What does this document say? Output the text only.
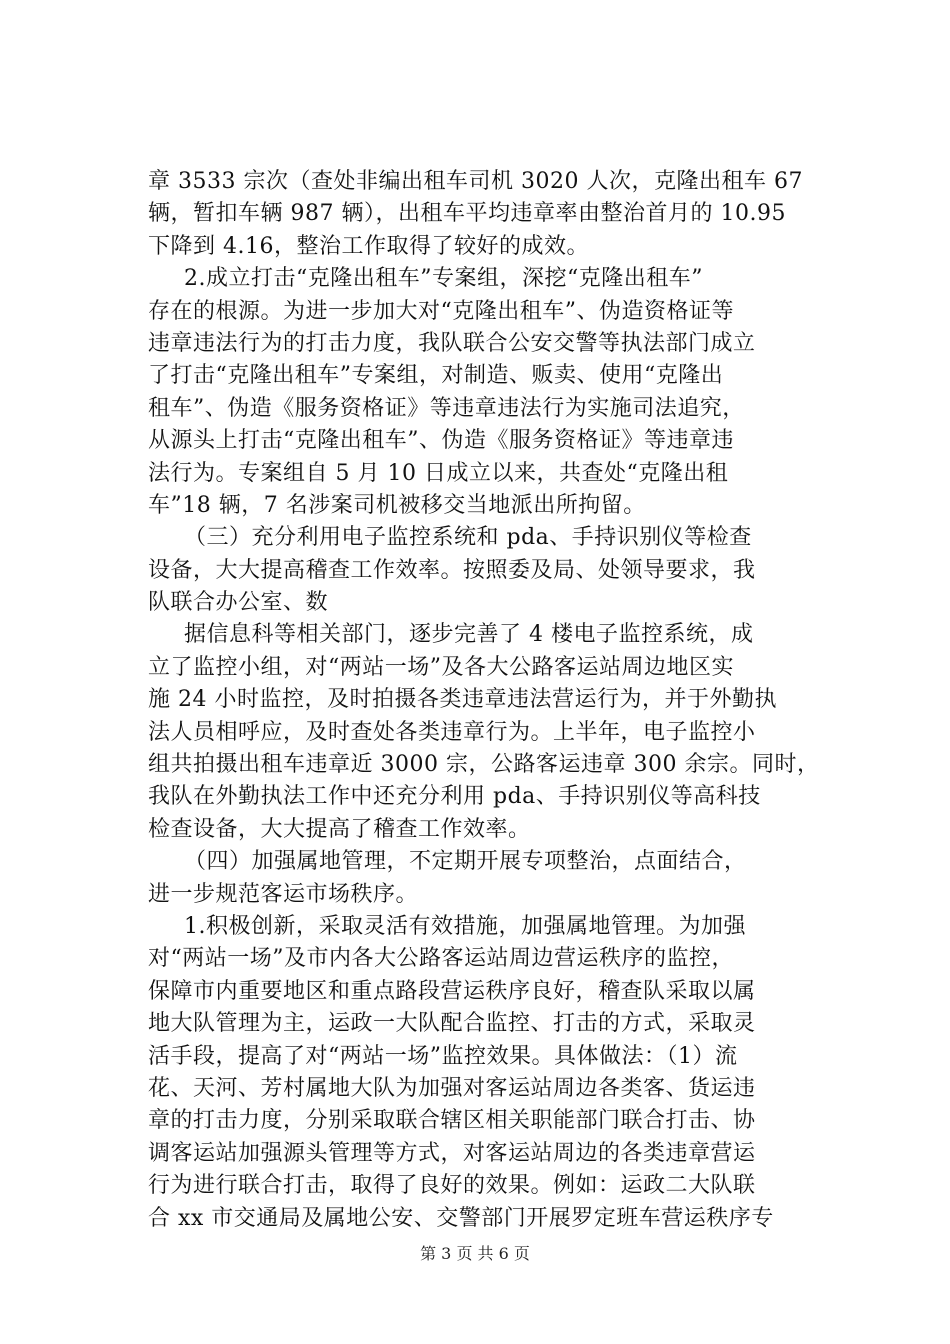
章 3533 宗次（查处非编出租车司机 3020 人次，克隆出租车 67
辆，暂扣车辆 987 辆），出租车平均违章率由整治首月的 10.95
下降到 4.16，整治工作取得了较好的成效。
2.成立打击“克隆出租车”专案组，深挖“克隆出租车”
存在的根源。为进一步加大对“克隆出租车”、伪造资格证等
违章违法行为的打击力度，我队联合公安交警等执法部门成立
了打击“克隆出租车”专案组，对制造、贩卖、使用“克隆出
租车”、伪造《服务资格证》等违章违法行为实施司法追究，
从源头上打击“克隆出租车”、伪造《服务资格证》等违章违
法行为。专案组自 5 月 10 日成立以来，共查处“克隆出租
车”18 辆，7 名涉案司机被移交当地派出所拘留。
（三）充分利用电子监控系统和 pda、手持识别仪等检查
设备，大大提高稽查工作效率。按照委及局、处领导要求，我
队联合办公室、数
据信息科等相关部门，逐步完善了 4 楼电子监控系统，成
立了监控小组，对“两站一场”及各大公路客运站周边地区实
施 24 小时监控，及时拍摄各类违章违法营运行为，并于外勤执
法人员相呼应，及时查处各类违章行为。上半年，电子监控小
组共拍摄出租车违章近 3000 宗，公路客运违章 300 余宗。同时，
我队在外勤执法工作中还充分利用 pda、手持识别仪等高科技
检查设备，大大提高了稽查工作效率。
（四）加强属地管理，不定期开展专项整治，点面结合，
进一步规范客运市场秩序。
1.积极创新，采取灵活有效措施，加强属地管理。为加强
对“两站一场”及市内各大公路客运站周边营运秩序的监控，
保障市内重要地区和重点路段营运秩序良好，稽查队采取以属
地大队管理为主，运政一大队配合监控、打击的方式，采取灵
活手段，提高了对“两站一场”监控效果。具体做法：（1）流
花、天河、芳村属地大队为加强对客运站周边各类客、货运违
章的打击力度，分别采取联合辖区相关职能部门联合打击、协
调客运站加强源头管理等方式，对客运站周边的各类违章营运
行为进行联合打击，取得了良好的效果。例如：运政二大队联
合 xx 市交通局及属地公安、交警部门开展罗定班车营运秩序专
第 3 页 共 6 页
